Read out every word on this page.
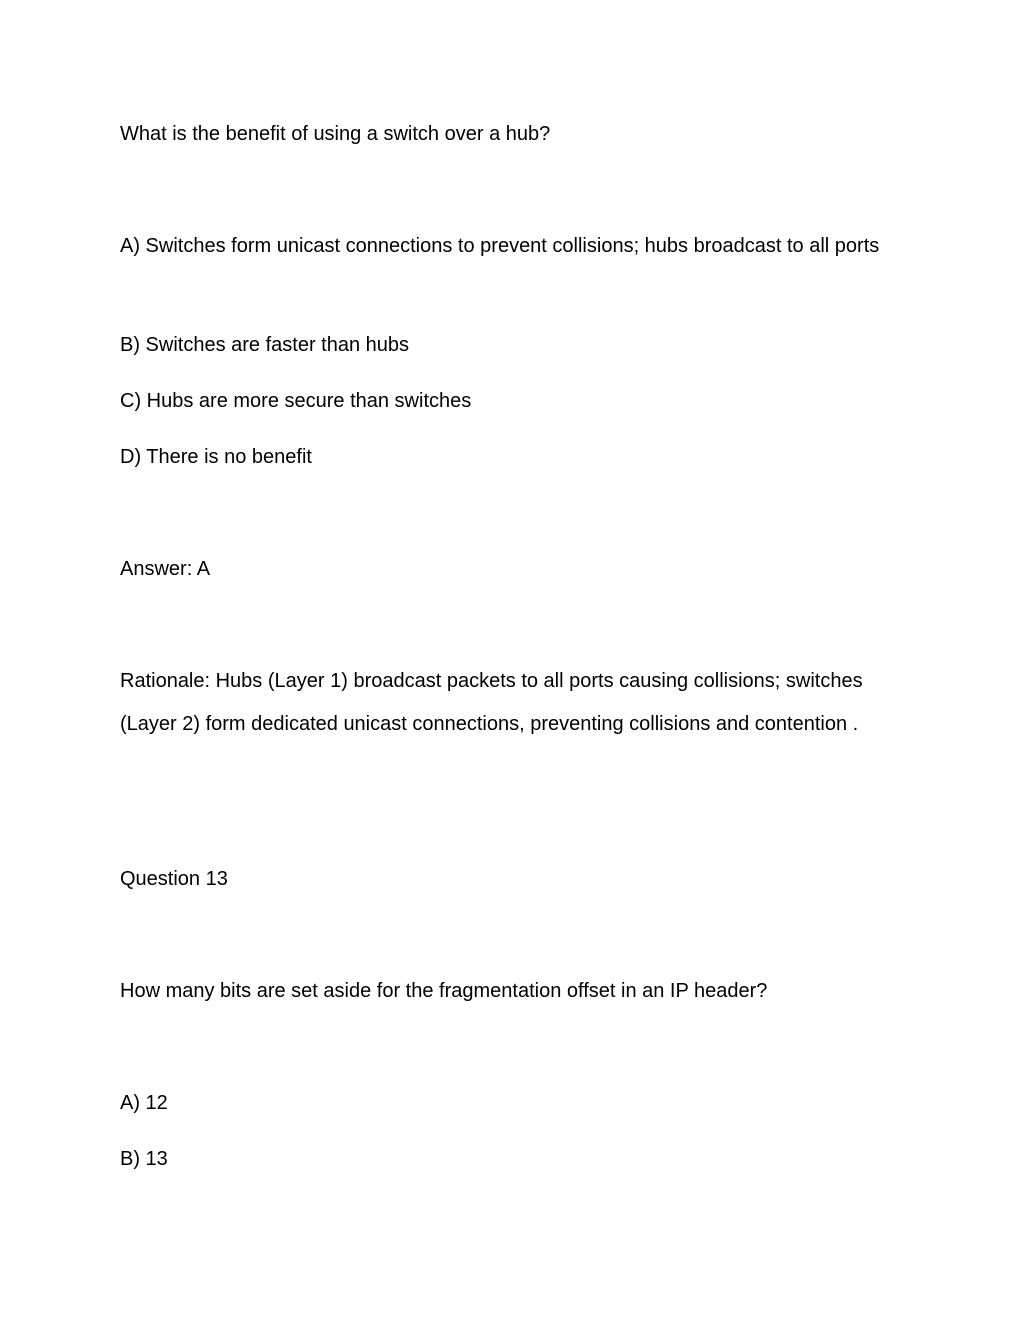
What is the benefit of using a switch over a hub?

A) Switches form unicast connections to prevent collisions; hubs broadcast to all ports

B) Switches are faster than hubs

C) Hubs are more secure than switches

D) There is no benefit

Answer: A

Rationale: Hubs (Layer 1) broadcast packets to all ports causing collisions; switches (Layer 2) form dedicated unicast connections, preventing collisions and contention .

Question 13

How many bits are set aside for the fragmentation offset in an IP header?

A) 12

B) 13
